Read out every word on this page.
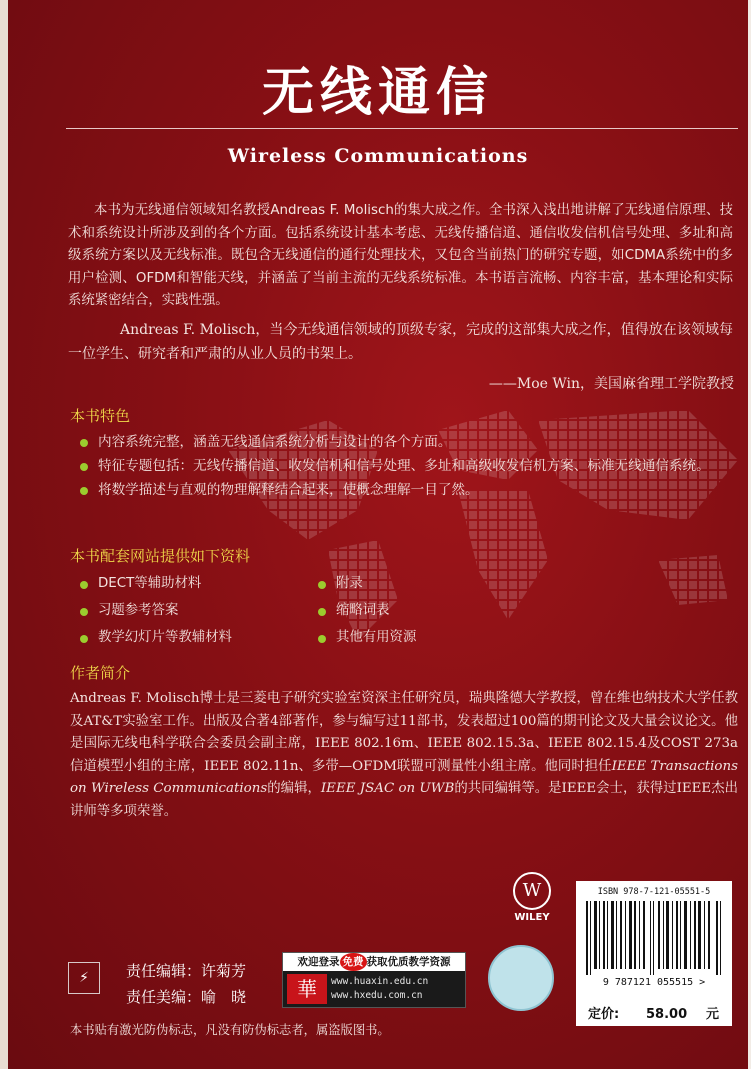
无线通信
Wireless Communications
本书为无线通信领域知名教授Andreas F. Molisch的集大成之作。全书深入浅出地讲解了无线通信原理、技术和系统设计所涉及到的各个方面。包括系统设计基本考虑、无线传播信道、通信收发信机信号处理、多址和高级系统方案以及无线标准。既包含无线通信的通行处理技术，又包含当前热门的研究专题，如CDMA系统中的多用户检测、OFDM和智能天线，并涵盖了当前主流的无线系统标准。本书语言流畅、内容丰富，基本理论和实际系统紧密结合，实践性强。
Andreas F. Molisch，当今无线通信领域的顶级专家，完成的这部集大成之作，值得放在该领域每一位学生、研究者和严肃的从业人员的书架上。
——Moe Win，美国麻省理工学院教授
本书特色
内容系统完整，涵盖无线通信系统分析与设计的各个方面。
特征专题包括：无线传播信道、收发信机和信号处理、多址和高级收发信机方案、标准无线通信系统。
将数学描述与直观的物理解释结合起来，使概念理解一目了然。
本书配套网站提供如下资料
DECT等辅助材料	附录
习题参考答案	缩略词表
教学幻灯片等教辅材料	其他有用资源
作者简介
Andreas F. Molisch博士是三菱电子研究实验室资深主任研究员，瑞典隆德大学教授，曾在维也纳技术大学任教及AT&T实验室工作。出版及合著4部著作，参与编写过11部书，发表超过100篇的期刊论文及大量会议论文。他是国际无线电科学联合会委员会副主席，IEEE 802.16m、IEEE 802.15.3a、IEEE 802.15.4及COST 273a信道模型小组的主席，IEEE 802.11n、多带—OFDM联盟可测量性小组主席。他同时担任IEEE Transactions on Wireless Communications的编辑，IEEE JSAC on UWB的共同编辑等。是IEEE会士，获得过IEEE杰出讲师等多项荣誉。
⚡	责任编辑：许菊芳
责任美编：喻　晓
欢迎登录 免费 获取优质教学资源
華	www.huaxin.edu.cn
www.hxedu.com.cn
W
WILEY
ISBN 978-7-121-05551-5
9 787121 055515 >
定价: 58.00 元
本书贴有激光防伪标志，凡没有防伪标志者，属盗版图书。
